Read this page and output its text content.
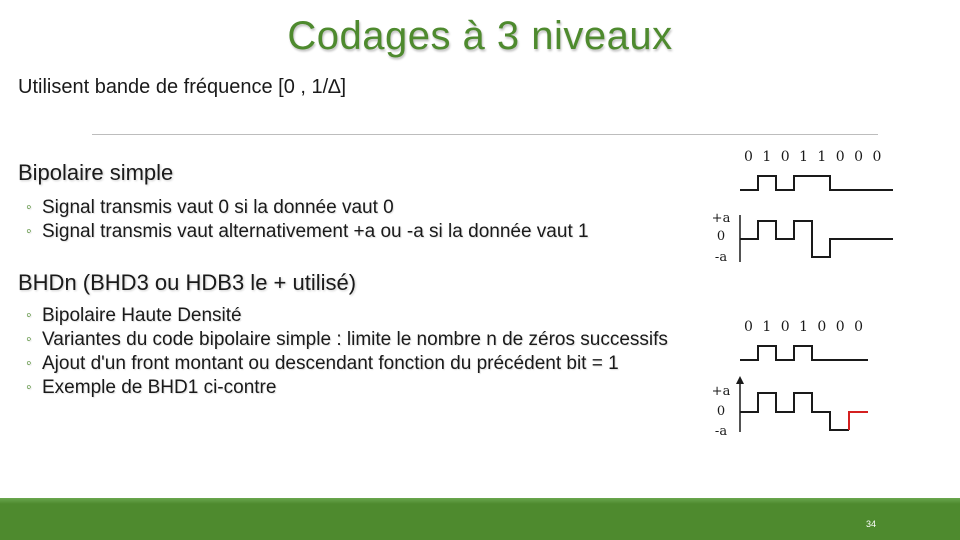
Codages à 3 niveaux
Utilisent bande de fréquence [0 , 1/∆]
Bipolaire simple
◦ Signal transmis vaut 0 si la donnée vaut 0
◦ Signal transmis vaut alternativement +a ou -a si la donnée vaut 1
BHDn (BHD3 ou HDB3 le + utilisé)
◦ Bipolaire Haute Densité
◦ Variantes du code bipolaire simple : limite le nombre n de zéros successifs
◦ Ajout d'un front montant ou descendant fonction du précédent bit = 1
◦ Exemple de BHD1 ci-contre
0 1 0 1 1 0 0 0
+a
0
-a
0 1 0 1 0 0 0
+a
0
-a
34
